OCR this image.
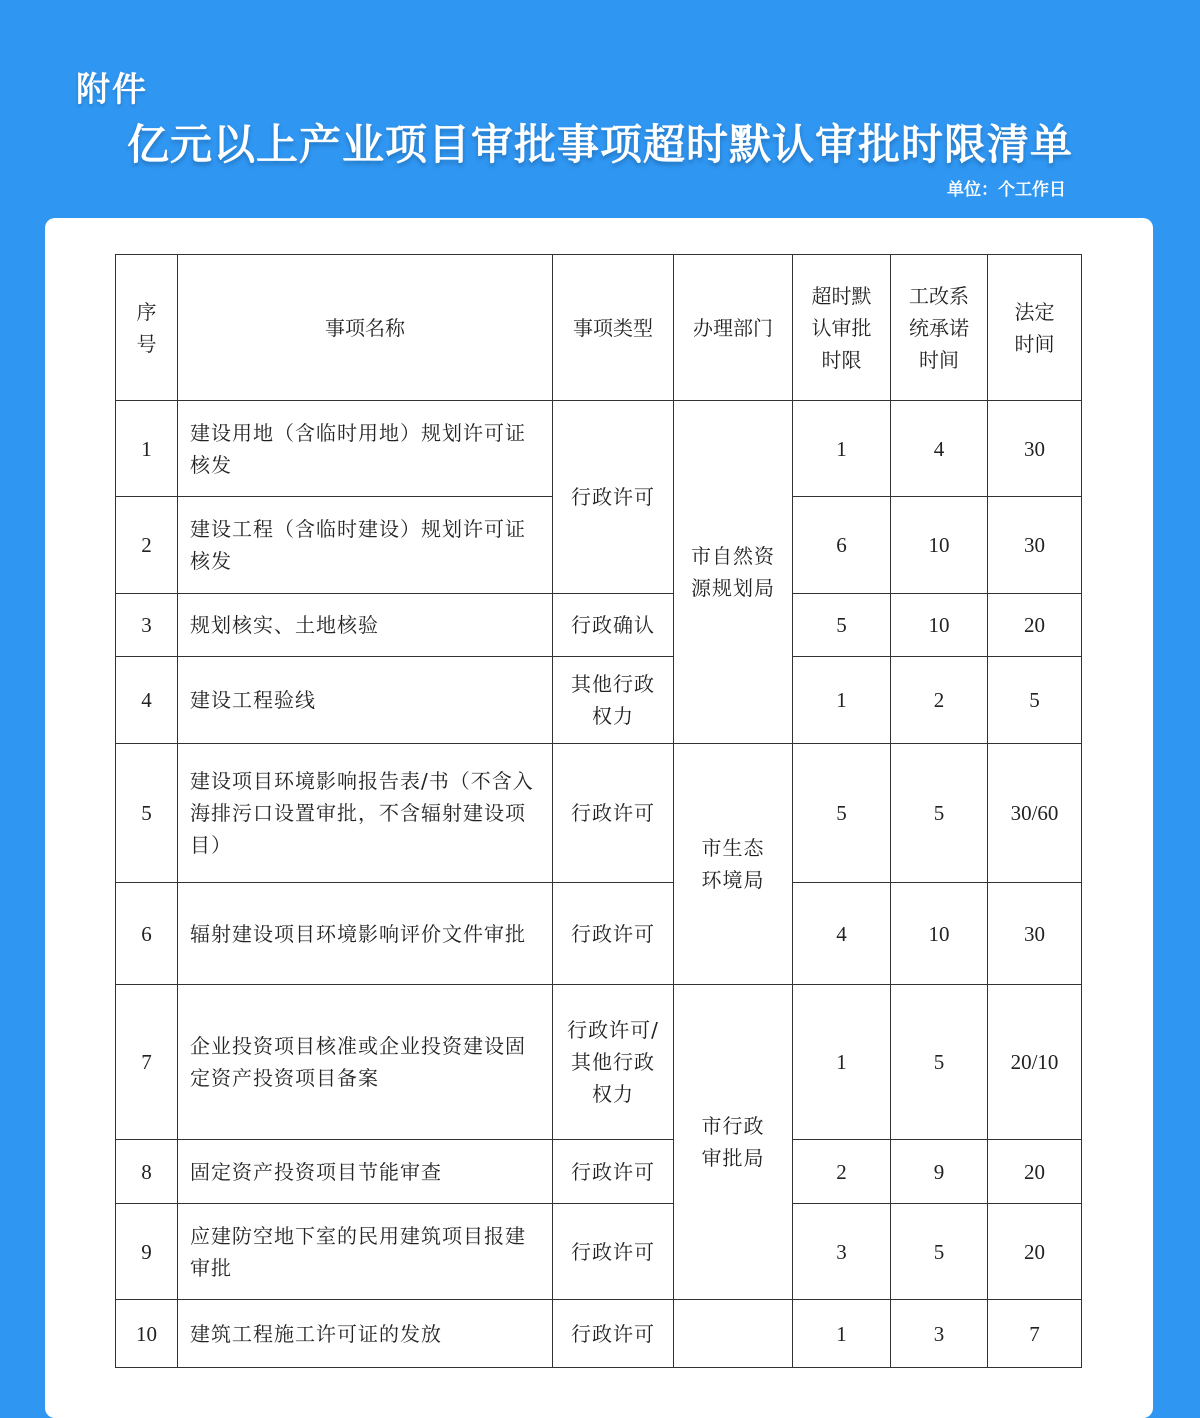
附件
亿元以上产业项目审批事项超时默认审批时限清单
单位：个工作日
序号	事项名称	事项类型	办理部门	超时默认审批时限	工改系统承诺时间	法定时间
1	建设用地（含临时用地）规划许可证核发	行政许可	市自然资源规划局	1	4	30
2	建设工程（含临时建设）规划许可证核发			6	10	30
3	规划核实、土地核验	行政确认		5	10	20
4	建设工程验线	其他行政权力		1	2	5
5	建设项目环境影响报告表/书（不含入海排污口设置审批，不含辐射建设项目）	行政许可	市生态环境局	5	5	30/60
6	辐射建设项目环境影响评价文件审批	行政许可		4	10	30
7	企业投资项目核准或企业投资建设固定资产投资项目备案	行政许可/其他行政权力	市行政审批局	1	5	20/10
8	固定资产投资项目节能审查	行政许可		2	9	20
9	应建防空地下室的民用建筑项目报建审批	行政许可		3	5	20
10	建筑工程施工许可证的发放	行政许可		1	3	7
